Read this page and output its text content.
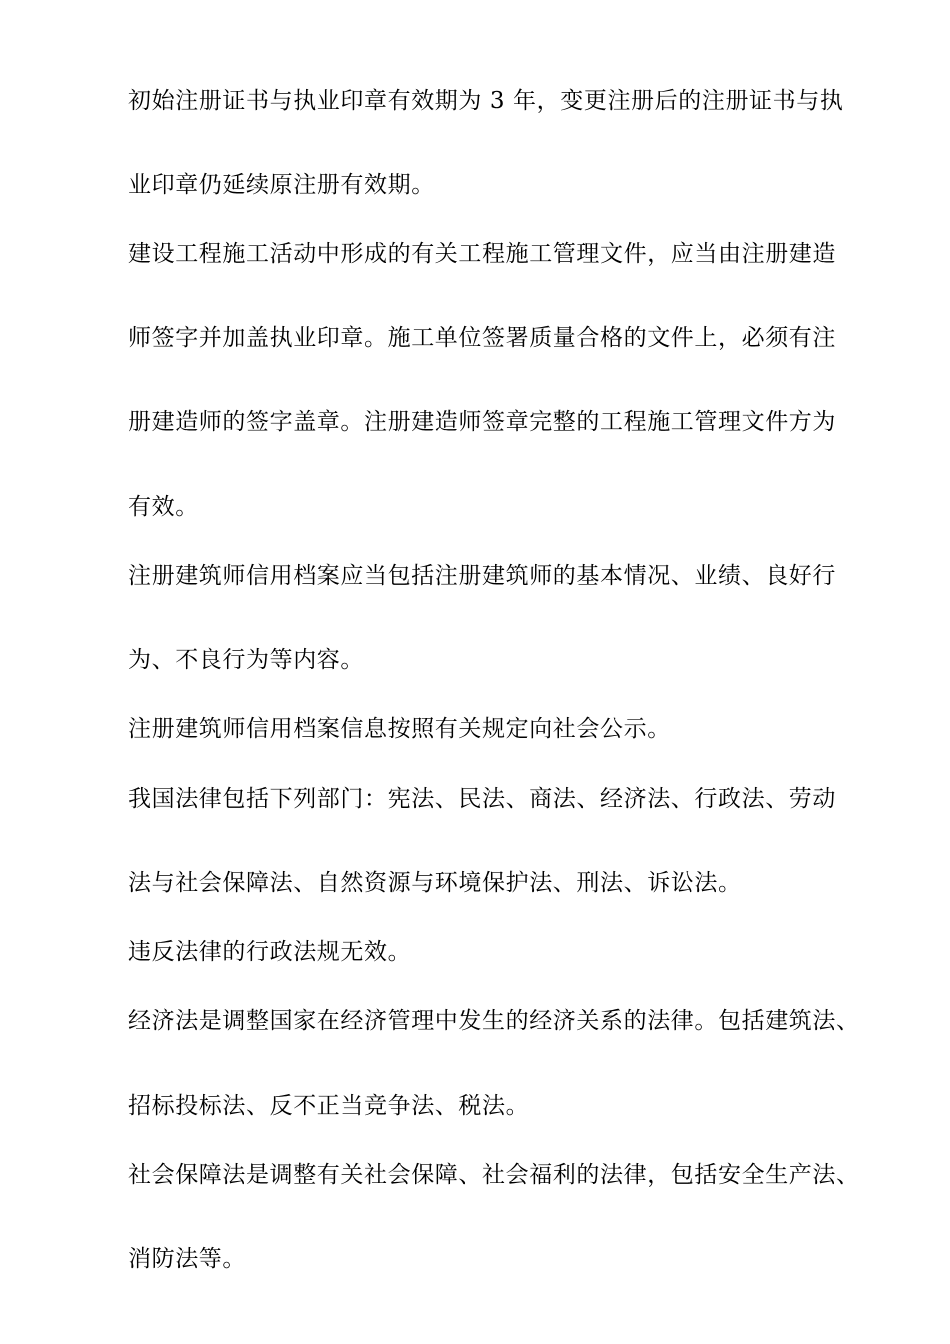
初始注册证书与执业印章有效期为 3 年，变更注册后的注册证书与执
业印章仍延续原注册有效期。
建设工程施工活动中形成的有关工程施工管理文件，应当由注册建造
师签字并加盖执业印章。施工单位签署质量合格的文件上，必须有注
册建造师的签字盖章。注册建造师签章完整的工程施工管理文件方为
有效。
注册建筑师信用档案应当包括注册建筑师的基本情况、业绩、良好行
为、不良行为等内容。
注册建筑师信用档案信息按照有关规定向社会公示。
我国法律包括下列部门：宪法、民法、商法、经济法、行政法、劳动
法与社会保障法、自然资源与环境保护法、刑法、诉讼法。
违反法律的行政法规无效。
经济法是调整国家在经济管理中发生的经济关系的法律。包括建筑法、
招标投标法、反不正当竞争法、税法。
社会保障法是调整有关社会保障、社会福利的法律，包括安全生产法、
消防法等。
